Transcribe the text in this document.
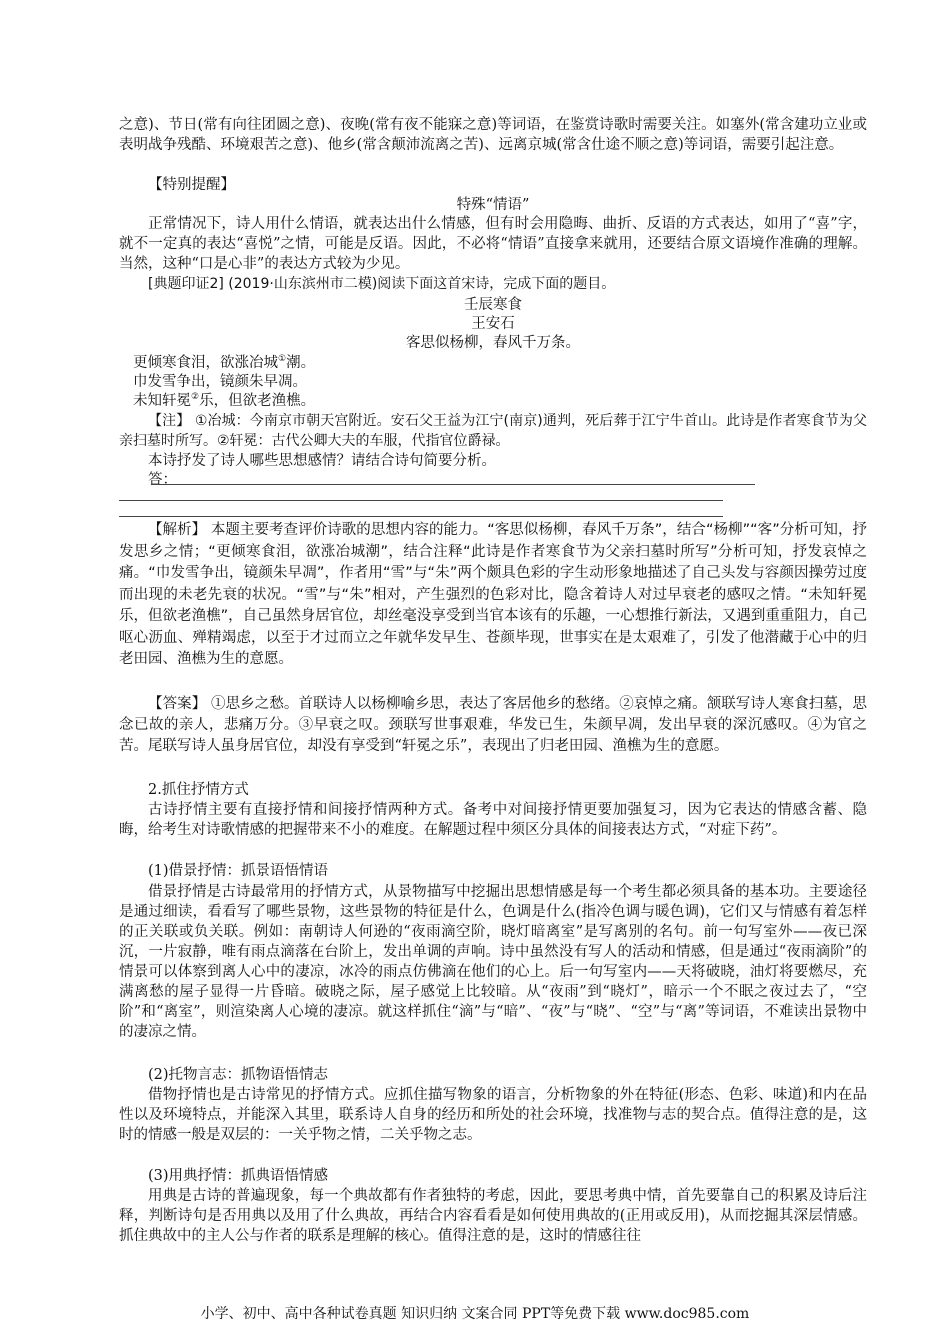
之意)、节日(常有向往团圆之意)、夜晚(常有夜不能寐之意)等词语，在鉴赏诗歌时需要关注。如塞外(常含建功立业或表明战争残酷、环境艰苦之意)、他乡(常含颠沛流离之苦)、远离京城(常含仕途不顺之意)等词语，需要引起注意。

【特别提醒】
特殊“情语”

正常情况下，诗人用什么情语，就表达出什么情感，但有时会用隐晦、曲折、反语的方式表达，如用了“喜”字，就不一定真的表达“喜悦”之情，可能是反语。因此，不必将“情语”直接拿来就用，还要结合原文语境作准确的理解。当然，这种“口是心非”的表达方式较为少见。

[典题印证2] (2019·山东滨州市二模)阅读下面这首宋诗，完成下面的题目。
壬辰寒食
王安石
客思似杨柳，春风千万条。
更倾寒食泪，欲涨冶城①潮。
巾发雪争出，镜颜朱早凋。
未知轩冕②乐，但欲老渔樵。

【注】 ①冶城：今南京市朝天宫附近。安石父王益为江宁(南京)通判，死后葬于江宁牛首山。此诗是作者寒食节为父亲扫墓时所写。②轩冕：古代公卿大夫的车服，代指官位爵禄。

本诗抒发了诗人哪些思想感情？请结合诗句简要分析。
答：

【解析】 本题主要考查评价诗歌的思想内容的能力。“客思似杨柳，春风千万条”，结合“杨柳”“客”分析可知，抒发思乡之情；“更倾寒食泪，欲涨冶城潮”，结合注释“此诗是作者寒食节为父亲扫墓时所写”分析可知，抒发哀悼之痛。“巾发雪争出，镜颜朱早凋”，作者用“雪”与“朱”两个颇具色彩的字生动形象地描述了自己头发与容颜因操劳过度而出现的未老先衰的状况。“雪”与“朱”相对，产生强烈的色彩对比，隐含着诗人对过早衰老的感叹之情。“未知轩冕乐，但欲老渔樵”，自己虽然身居官位，却丝毫没享受到当官本该有的乐趣，一心想推行新法，又遇到重重阻力，自己呕心沥血、殚精竭虑，以至于才过而立之年就华发早生、苍颜毕现，世事实在是太艰难了，引发了他潜藏于心中的归老田园、渔樵为生的意愿。

【答案】 ①思乡之愁。首联诗人以杨柳喻乡思，表达了客居他乡的愁绪。②哀悼之痛。颔联写诗人寒食扫墓，思念已故的亲人，悲痛万分。③早衰之叹。颈联写世事艰难，华发已生，朱颜早凋，发出早衰的深沉感叹。④为官之苦。尾联写诗人虽身居官位，却没有享受到“轩冕之乐”，表现出了归老田园、渔樵为生的意愿。

2.抓住抒情方式

古诗抒情主要有直接抒情和间接抒情两种方式。备考中对间接抒情更要加强复习，因为它表达的情感含蓄、隐晦，给考生对诗歌情感的把握带来不小的难度。在解题过程中须区分具体的间接表达方式，“对症下药”。

(1)借景抒情：抓景语悟情语

借景抒情是古诗最常用的抒情方式，从景物描写中挖掘出思想情感是每一个考生都必须具备的基本功。主要途径是通过细读，看看写了哪些景物，这些景物的特征是什么，色调是什么(指冷色调与暖色调)，它们又与情感有着怎样的正关联或负关联。例如：南朝诗人何逊的“夜雨滴空阶，晓灯暗离室”是写离别的名句。前一句写室外——夜已深沉，一片寂静，唯有雨点滴落在台阶上，发出单调的声响。诗中虽然没有写人的活动和情感，但是通过“夜雨滴阶”的情景可以体察到离人心中的凄凉，冰冷的雨点仿佛滴在他们的心上。后一句写室内——天将破晓，油灯将要燃尽，充满离愁的屋子显得一片昏暗。破晓之际，屋子感觉上比较暗。从“夜雨”到“晓灯”，暗示一个不眠之夜过去了，“空阶”和“离室”，则渲染离人心境的凄凉。就这样抓住“滴”与“暗”、“夜”与“晓”、“空”与“离”等词语，不难读出景物中的凄凉之情。

(2)托物言志：抓物语悟情志

借物抒情也是古诗常见的抒情方式。应抓住描写物象的语言，分析物象的外在特征(形态、色彩、味道)和内在品性以及环境特点，并能深入其里，联系诗人自身的经历和所处的社会环境，找准物与志的契合点。值得注意的是，这时的情感一般是双层的：一关乎物之情，二关乎物之志。

(3)用典抒情：抓典语悟情感

用典是古诗的普遍现象，每一个典故都有作者独特的考虑，因此，要思考典中情，首先要靠自己的积累及诗后注释，判断诗句是否用典以及用了什么典故，再结合内容看看是如何使用典故的(正用或反用)，从而挖掘其深层情感。抓住典故中的主人公与作者的联系是理解的核心。值得注意的是，这时的情感往往

小学、初中、高中各种试卷真题 知识归纳 文案合同 PPT等免费下载 www.doc985.com
